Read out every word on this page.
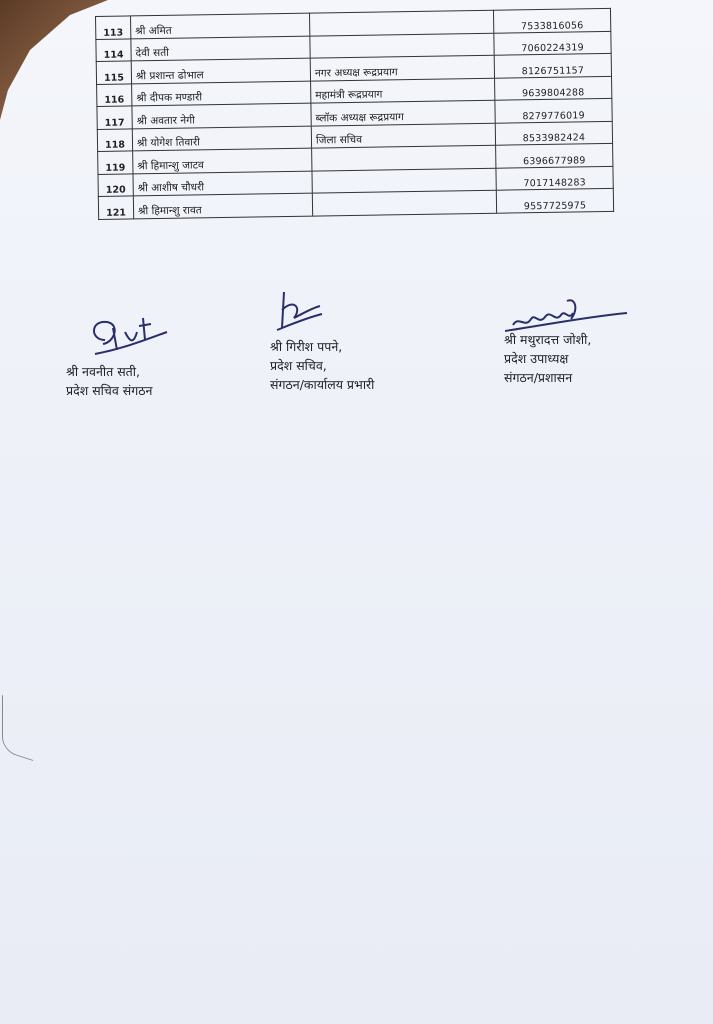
113	श्री अमित		7533816056
114	देवी सती		7060224319
115	श्री प्रशान्त ढोभाल	नगर अध्यक्ष रूद्रप्रयाग	8126751157
116	श्री दीपक मण्डारी	महामंत्री रूद्रप्रयाग	9639804288
117	श्री अवतार नेगी	ब्लॉक अध्यक्ष रूद्रप्रयाग	8279776019
118	श्री योगेश तिवारी	जिला सचिव	8533982424
119	श्री हिमान्शु जाटव		6396677989
120	श्री आशीष चौधरी		7017148283
121	श्री हिमान्शु रावत		9557725975
श्री नवनीत सती,
प्रदेश सचिव संगठन
श्री गिरीश पपने,
प्रदेश सचिव,
संगठन/कार्यालय प्रभारी
श्री मथुरादत्त जोशी,
प्रदेश उपाध्यक्ष
संगठन/प्रशासन
